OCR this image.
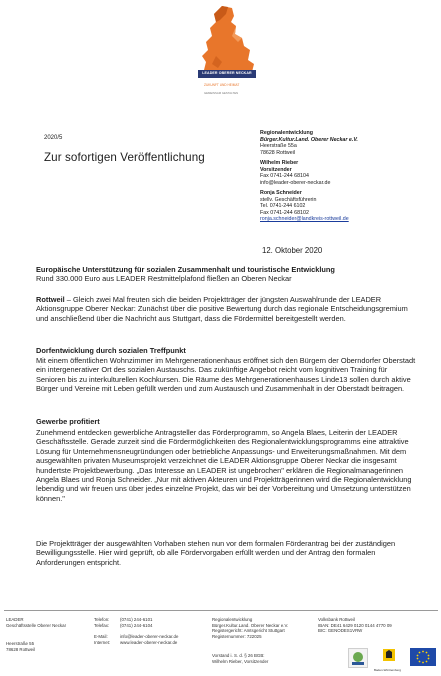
LEADER OBERER NECKAR
ZUKUNFT UND HEIMAT
GEMEINSAM GESTALTEN
2020/5
Zur sofortigen Veröffentlichung
Regionalentwicklung
Bürger.Kultur.Land. Oberer Neckar e.V.
Heerstraße 55a
78628 Rottweil
Wilhelm Rieber
Vorsitzender
Fax 0741-244 68104
info@leader-oberer-neckar.de
Ronja Schneider
stellv. Geschäftsführerin
Tel. 0741-244 6102
Fax 0741-244 68102
ronja.schneider@landkreis-rottweil.de
12. Oktober 2020
Europäische Unterstützung für sozialen Zusammenhalt und touristische Entwicklung
Rund 330.000 Euro aus LEADER Restmittelplafond fließen an Oberen Neckar
Rottweil – Gleich zwei Mal freuten sich die beiden Projektträger der jüngsten Auswahlrunde der LEADER Aktionsgruppe Oberer Neckar: Zunächst über die positive Bewertung durch das regionale Entscheidungsgremium und anschließend über die Nachricht aus Stuttgart, dass die Fördermittel bereitgestellt werden.
Dorfentwicklung durch sozialen Treffpunkt
Mit einem öffentlichen Wohnzimmer im Mehrgenerationenhaus eröffnet sich den Bürgern der Oberndorfer Oberstadt ein intergenerativer Ort des sozialen Austauschs. Das zukünftige Angebot reicht vom kognitiven Training für Senioren bis zu interkulturellen Kochkursen. Die Räume des Mehrgenerationenhauses Linde13 sollen durch aktive Bürger und Vereine mit Leben gefüllt werden und zum Austausch und Zusammenhalt in der Oberstadt beitragen.
Gewerbe profitiert
Zunehmend entdecken gewerbliche Antragsteller das Förderprogramm, so Angela Blaes, Leiterin der LEADER Geschäftsstelle. Gerade zurzeit sind die Fördermöglichkeiten des Regionalentwicklungsprogramms eine attraktive Lösung für Unternehmensneugründungen oder betriebliche Anpassungs- und Erweiterungsmaßnahmen. Mit dem ausgewählten privaten Museumsprojekt verzeichnet die LEADER Aktionsgruppe Oberer Neckar die insgesamt hundertste Projektbewerbung. „Das Interesse an LEADER ist ungebrochen" erklären die Regionalmanagerinnen Angela Blaes und Ronja Schneider. „Nur mit aktiven Akteuren und Projektträgerinnen wird die Regionalentwicklung lebendig und wir freuen uns über jedes einzelne Projekt, das wir bei der Vorbereitung und Umsetzung unterstützen können."
Die Projektträger der ausgewählten Vorhaben stehen nun vor dem formalen Förderantrag bei der zuständigen Bewilligungsstelle. Hier wird geprüft, ob alle Fördervorgaben erfüllt werden und der Antrag den formalen Anforderungen entspricht.
LEADER
Geschäftsstelle Oberer Neckar
Heerstraße 55
78628 Rottweil
Telefon:
Telefax:

E-Mail:
Internet:
(0741) 244-6101
(0741) 244-6104

info@leader-oberer-neckar.de
www.leader-oberer-neckar.de
Regionalentwicklung
Bürger.Kultur.Land. Oberer Neckar e.V.
Registergericht: Amtsgericht Stuttgart
Registernummer: 722025
Vorstand i. S. d. § 26 BGB:
Wilhelm Rieber, Vorsitzender
Volksbank Rottweil
IBAN: DE41 6429 0120 0144 4770 09
BIC: GENODES1VRW
Baden-Württemberg
